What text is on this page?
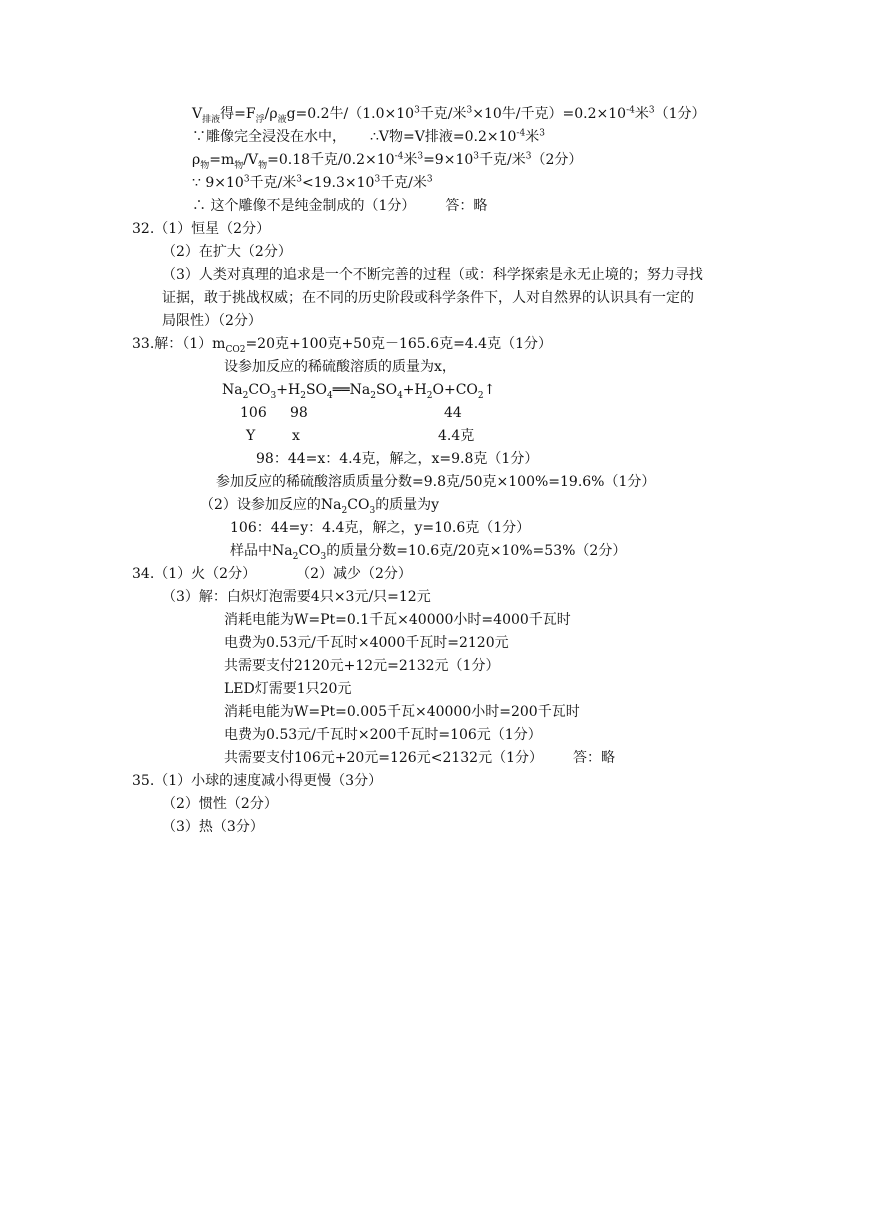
$V_{排液}$得$=F_浮/\rho_液g=0.2$牛$/(1.0\times 10^3$千克/米$^3$×10牛/千克）$=0.2\times 10^{-4}$米$^3$（1分）
∵雕像完全浸没在水中， ∴V物=V排液$=0.2\times 10^{-4}$米$^3$
$\rho_物=m_物/V_物=0.18$千克$/0.2\times 10^{-4}$米$^3=9\times 10^3$千克/米$^3$（2分）
∵ $9\times 10^3$千克/米$^3<19.3\times 10^3$千克/米$^3$
∴ 这个雕像不是纯金制成的（1分） 答：略
32.（1）恒星（2分）
（2）在扩大（2分）
（3）人类对真理的追求是一个不断完善的过程（或：科学探索是永无止境的；努力寻找
证据，敢于挑战权威；在不同的历史阶段或科学条件下，人对自然界的认识具有一定的
局限性）（2分）
33.解：$(1)m_{CO2}=20$克+100克+50克－165.6克=4.4克（1分）
设参加反应的稀硫酸溶质的质量为x，
$Na_2CO_3+H_2SO_4══Na_2SO_4+H_2O+CO_2↑$
106 98	44
Y	x	4.4克
98：44=x：4.4克，解之，x=9.8克（1分）
参加反应的稀硫酸溶质质量分数=9.8克/50克×100%=19.6%（1分）
（2）设参加反应的$Na_2CO_3$的质量为y
106：44=y：4.4克，解之，y=10.6克（1分）
样品中$Na_2CO_3$的质量分数=10.6克/20克×10%=53%（2分）
34.（1）火（2分）	（2）减少（2分）
（3）解：白炽灯泡需要4只×3元/只=12元
消耗电能为W=Pt=0.1千瓦×40000小时=4000千瓦时
电费为0.53元/千瓦时×4000千瓦时=2120元
共需要支付2120元+12元=2132元（1分）
LED灯需要1只20元
消耗电能为W=Pt=0.005千瓦×40000小时=200千瓦时
电费为0.53元/千瓦时×200千瓦时=106元（1分）
共需要支付106元+20元=126元<2132元（1分） 答：略
35.（1）小球的速度减小得更慢（3分）
（2）惯性（2分）
（3）热（3分）
